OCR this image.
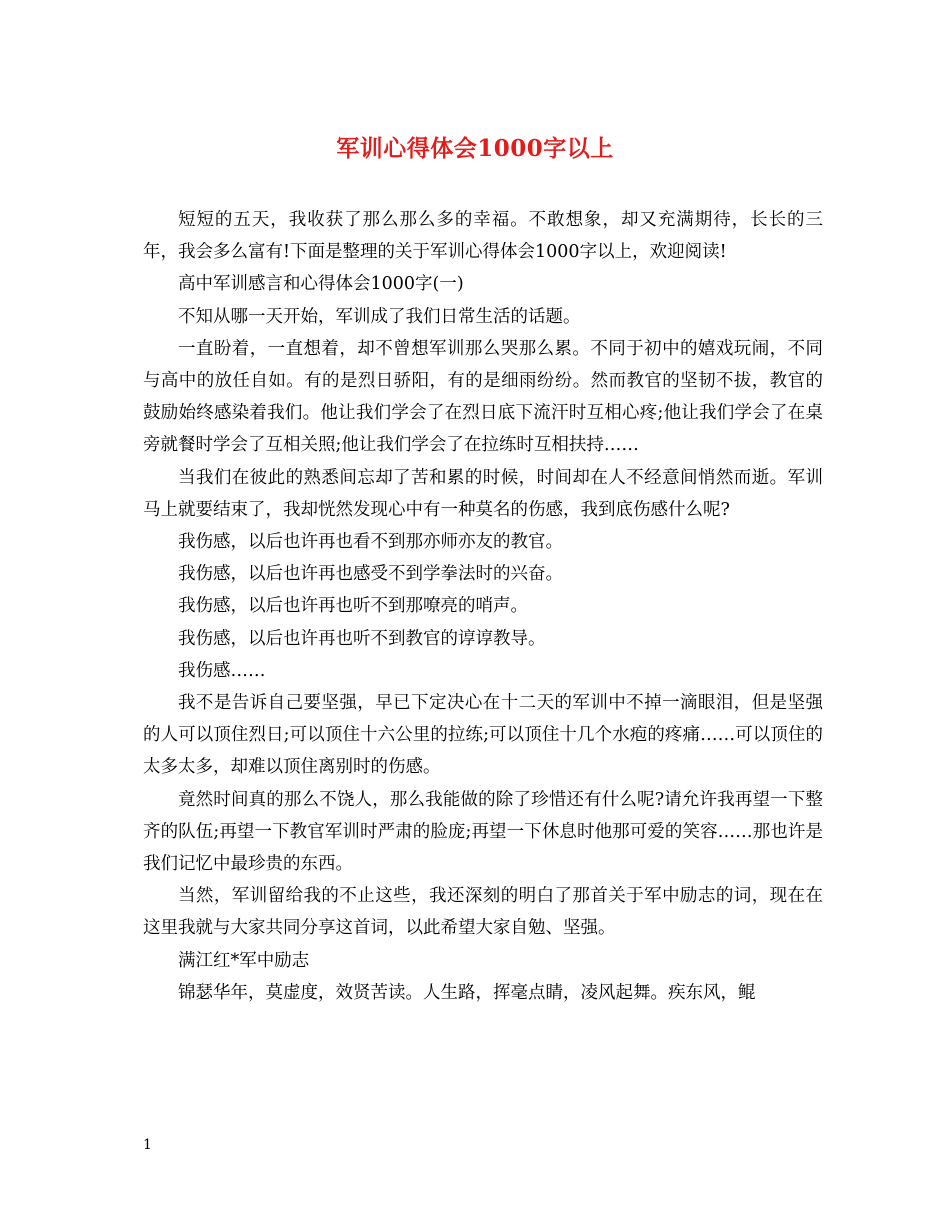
军训心得体会1000字以上

短短的五天，我收获了那么那么多的幸福。不敢想象，却又充满期待，长长的三年，我会多么富有!下面是整理的关于军训心得体会1000字以上，欢迎阅读!

高中军训感言和心得体会1000字(一)

不知从哪一天开始，军训成了我们日常生活的话题。

一直盼着，一直想着，却不曾想军训那么哭那么累。不同于初中的嬉戏玩闹，不同与高中的放任自如。有的是烈日骄阳，有的是细雨纷纷。然而教官的坚韧不拔，教官的鼓励始终感染着我们。他让我们学会了在烈日底下流汗时互相心疼;他让我们学会了在桌旁就餐时学会了互相关照;他让我们学会了在拉练时互相扶持……

当我们在彼此的熟悉间忘却了苦和累的时候，时间却在人不经意间悄然而逝。军训马上就要结束了，我却恍然发现心中有一种莫名的伤感，我到底伤感什么呢?

我伤感，以后也许再也看不到那亦师亦友的教官。

我伤感，以后也许再也感受不到学拳法时的兴奋。

我伤感，以后也许再也听不到那嘹亮的哨声。

我伤感，以后也许再也听不到教官的谆谆教导。

我伤感……

我不是告诉自己要坚强，早已下定决心在十二天的军训中不掉一滴眼泪，但是坚强的人可以顶住烈日;可以顶住十六公里的拉练;可以顶住十几个水疱的疼痛……可以顶住的太多太多，却难以顶住离别时的伤感。

竟然时间真的那么不饶人，那么我能做的除了珍惜还有什么呢?请允许我再望一下整齐的队伍;再望一下教官军训时严肃的脸庞;再望一下休息时他那可爱的笑容……那也许是我们记忆中最珍贵的东西。

当然，军训留给我的不止这些，我还深刻的明白了那首关于军中励志的词，现在在这里我就与大家共同分享这首词，以此希望大家自勉、坚强。

满江红*军中励志

锦瑟华年，莫虚度，效贤苦读。人生路，挥毫点睛，凌风起舞。疾东风，鲲

1
